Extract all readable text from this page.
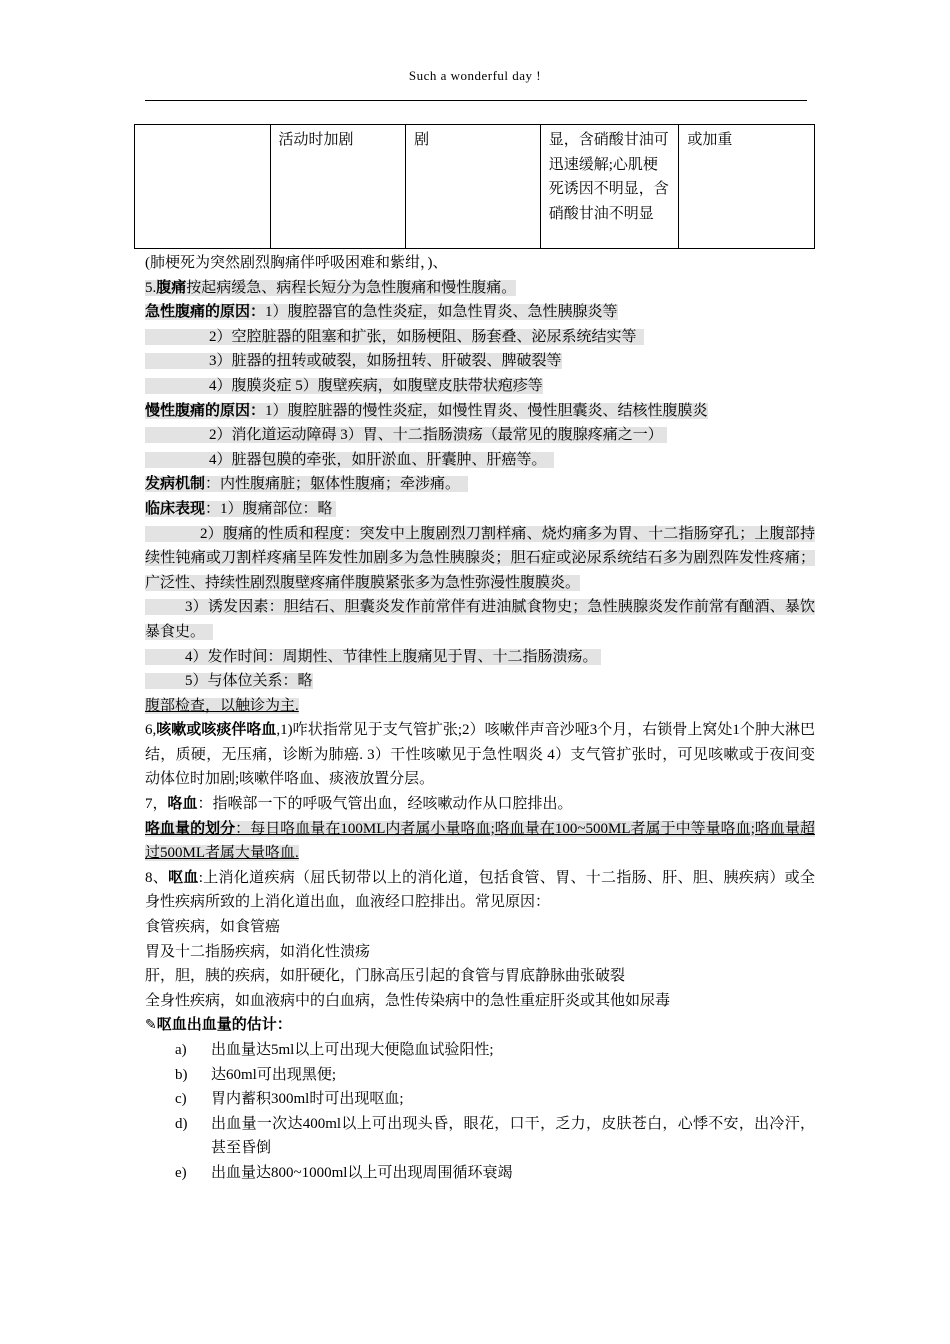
Such a wonderful day !
	活动时加剧	剧	显，含硝酸甘油可迅速缓解;心肌梗死诱因不明显，含硝酸甘油不明显	或加重

(肺梗死为突然剧烈胸痛伴呼吸困难和紫绀，)、

5.腹痛按起病缓急、病程长短分为急性腹痛和慢性腹痛。

急性腹痛的原因：1）腹腔器官的急性炎症，如急性胃炎、急性胰腺炎等

2）空腔脏器的阻塞和扩张，如肠梗阻、肠套叠、泌尿系统结实等

3）脏器的扭转或破裂，如肠扭转、肝破裂、脾破裂等

4）腹膜炎症 5）腹壁疾病，如腹壁皮肤带状疱疹等

慢性腹痛的原因：1）腹腔脏器的慢性炎症，如慢性胃炎、慢性胆囊炎、结核性腹膜炎

2）消化道运动障碍 3）胃、十二指肠溃疡（最常见的腹腺疼痛之一）

4）脏器包膜的牵张，如肝淤血、肝囊肿、肝癌等。

发病机制：内性腹痛脏；躯体性腹痛；牵涉痛。

临床表现：1）腹痛部位：略

2）腹痛的性质和程度：突发中上腹剧烈刀割样痛、烧灼痛多为胃、十二指肠穿孔；上腹部持续性钝痛或刀割样疼痛呈阵发性加剧多为急性胰腺炎；胆石症或泌尿系统结石多为剧烈阵发性疼痛；广泛性、持续性剧烈腹壁疼痛伴腹膜紧张多为急性弥漫性腹膜炎。

3）诱发因素：胆结石、胆囊炎发作前常伴有进油腻食物史；急性胰腺炎发作前常有酗酒、暴饮暴食史。

4）发作时间：周期性、节律性上腹痛见于胃、十二指肠溃疡。

5）与体位关系：略

腹部检查，以触诊为主.

6,咳嗽或咳痰伴咯血,1)咋状指常见于支气管扩张;2）咳嗽伴声音沙哑3个月，右锁骨上窝处1个肿大淋巴结，质硬，无压痛，诊断为肺癌. 3）干性咳嗽见于急性咽炎 4）支气管扩张时，可见咳嗽或于夜间变动体位时加剧;咳嗽伴咯血、痰液放置分层。

7，咯血：指喉部一下的呼吸气管出血，经咳嗽动作从口腔排出。

咯血量的划分：每日咯血量在100ML内者属小量咯血;咯血量在100~500ML者属于中等量咯血;咯血量超过500ML者属大量咯血.

8、呕血:上消化道疾病（屈氏韧带以上的消化道，包括食管、胃、十二指肠、肝、胆、胰疾病）或全身性疾病所致的上消化道出血，血液经口腔排出。常见原因：

食管疾病，如食管癌

胃及十二指肠疾病，如消化性溃疡

肝，胆，胰的疾病，如肝硬化，门脉高压引起的食管与胃底静脉曲张破裂

全身性疾病，如血液病中的白血病，急性传染病中的急性重症肝炎或其他如尿毒

✎呕血出血量的估计：

a) 出血量达5ml以上可出现大便隐血试验阳性;
b) 达60ml可出现黑便;
c) 胃内蓄积300ml时可出现呕血;
d) 出血量一次达400ml以上可出现头昏，眼花，口干，乏力，皮肤苍白，心悸不安，出冷汗，甚至昏倒
e) 出血量达800~1000ml以上可出现周围循环衰竭
